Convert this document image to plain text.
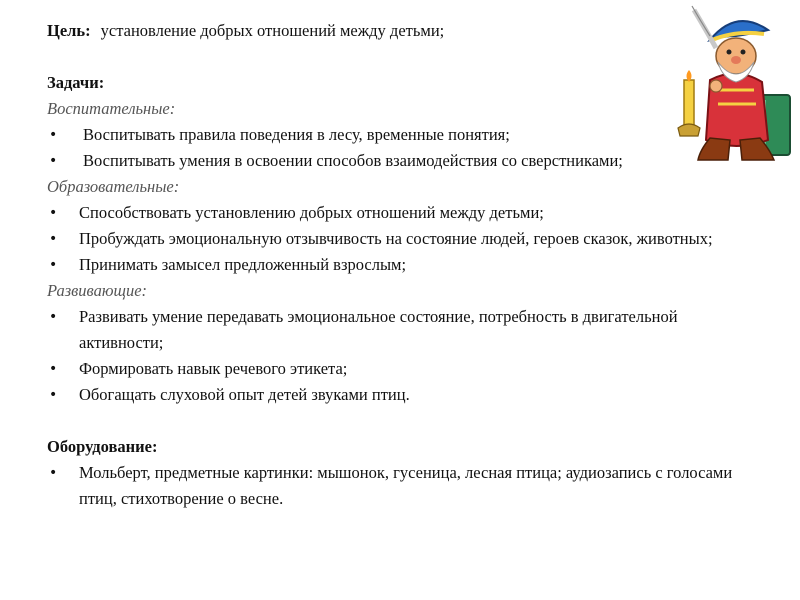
Цель: установление добрых отношений между детьми;

Задачи:

Воспитательные:

• Воспитывать правила поведения в лесу, временные понятия;
• Воспитывать умения в освоении способов взаимодействия со сверстниками;

Образовательные:

• Способствовать установлению добрых отношений между детьми;
• Пробуждать эмоциональную отзывчивость на состояние людей, героев сказок, животных;
• Принимать замысел предложенный взрослым;

Развивающие:

• Развивать умение передавать эмоциональное состояние, потребность в двигательной активности;
• Формировать навык речевого этикета;
• Обогащать слуховой опыт детей звуками птиц.

Оборудование:

• Мольберт, предметные картинки: мышонок, гусеница, лесная птица; аудиозапись с голосами птиц, стихотворение о весне.
